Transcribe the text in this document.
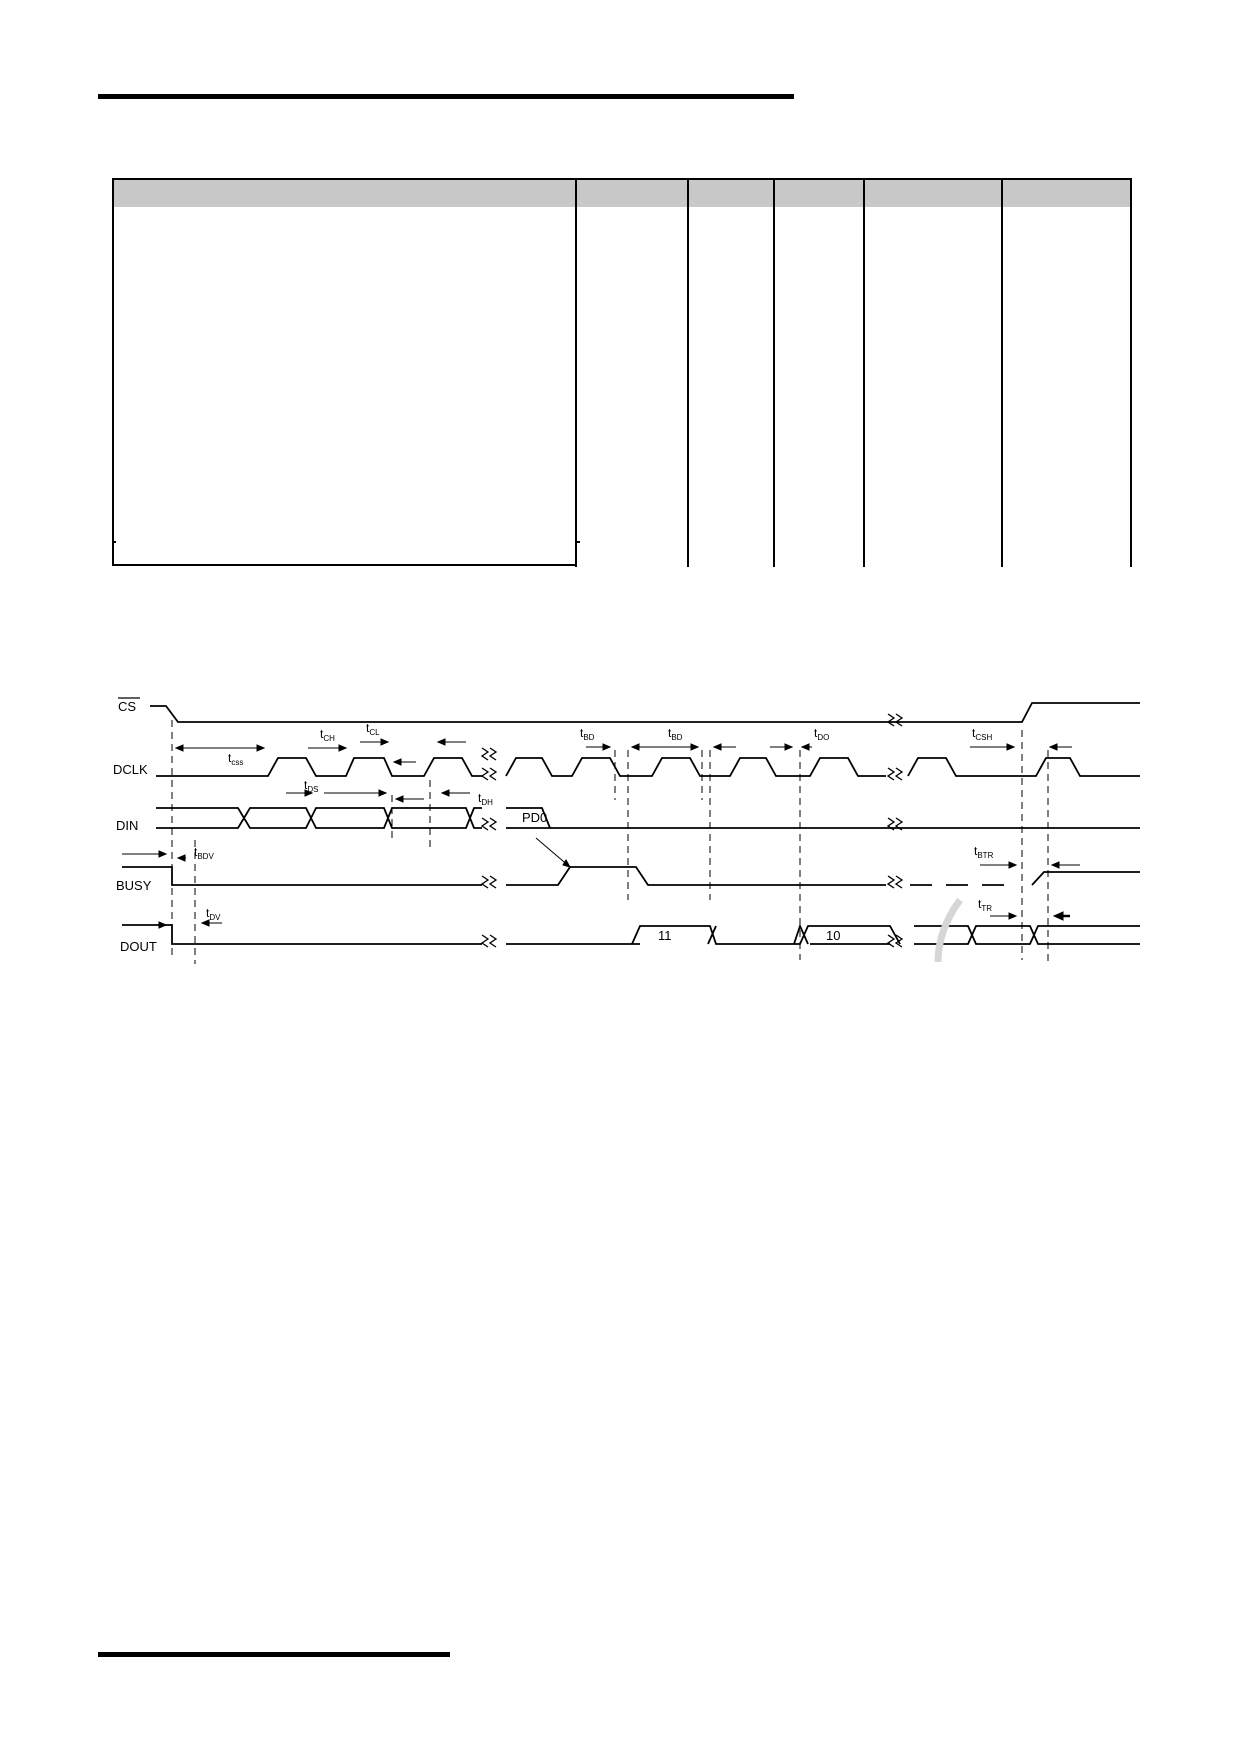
CS
DCLK
DIN
BUSY
DOUT
$t_{css}$
$t_{CH}$
$t_{CL}$	$t_{BD}$	$t_{BD}$	$t_{DO}$	$t_{CSH}$
$t_{DS}$
$t_{DH}$
$t_{BDV}$	$t_{BTR}$
$t_{DV}$
$t_{TR}$
PD0
11	10
